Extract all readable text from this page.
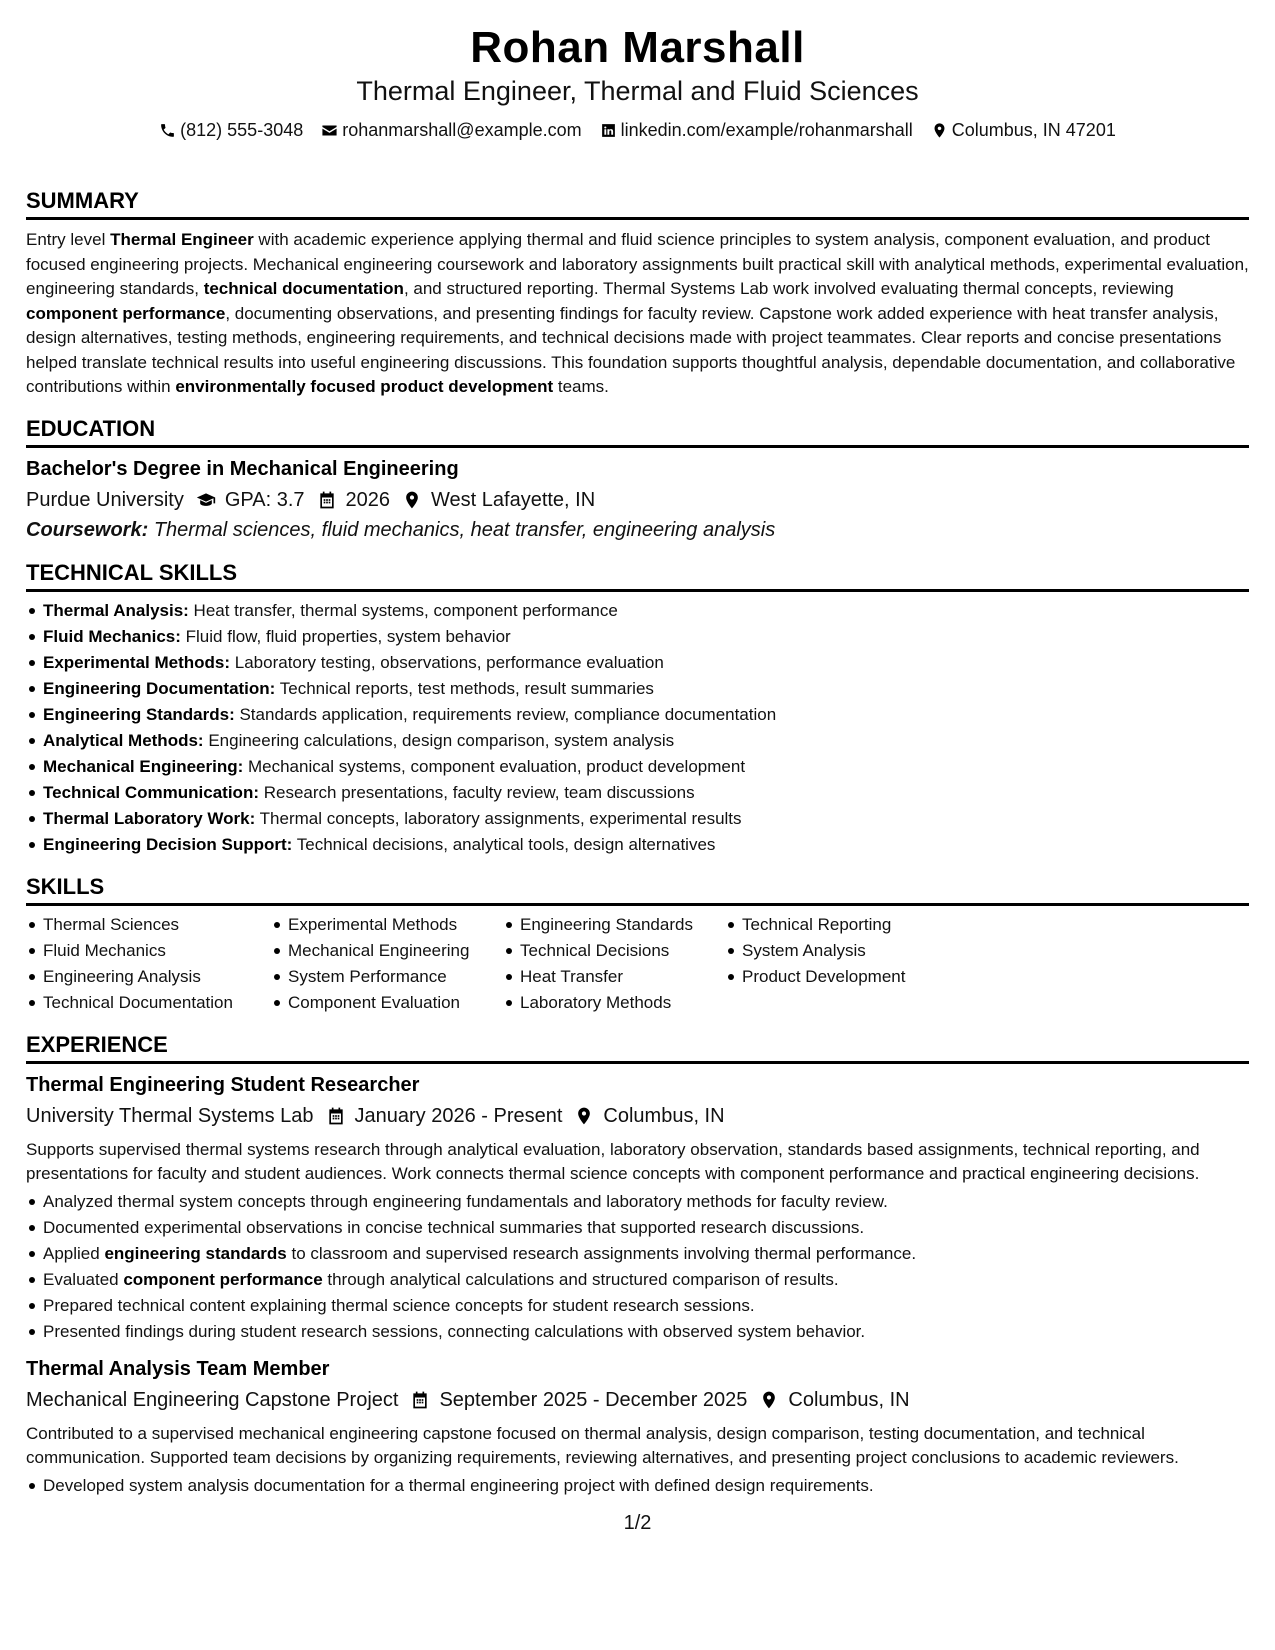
Rohan Marshall
Thermal Engineer, Thermal and Fluid Sciences
(812) 555-3048 rohanmarshall@example.com linkedin.com/example/rohanmarshall Columbus, IN 47201
SUMMARY
Entry level Thermal Engineer with academic experience applying thermal and fluid science principles to system analysis, component evaluation, and product focused engineering projects. Mechanical engineering coursework and laboratory assignments built practical skill with analytical methods, experimental evaluation, engineering standards, technical documentation, and structured reporting. Thermal Systems Lab work involved evaluating thermal concepts, reviewing component performance, documenting observations, and presenting findings for faculty review. Capstone work added experience with heat transfer analysis, design alternatives, testing methods, engineering requirements, and technical decisions made with project teammates. Clear reports and concise presentations helped translate technical results into useful engineering discussions. This foundation supports thoughtful analysis, dependable documentation, and collaborative contributions within environmentally focused product development teams.
EDUCATION
Bachelor's Degree in Mechanical Engineering
Purdue University GPA: 3.7 2026 West Lafayette, IN
Coursework: Thermal sciences, fluid mechanics, heat transfer, engineering analysis
TECHNICAL SKILLS
Thermal Analysis: Heat transfer, thermal systems, component performance
Fluid Mechanics: Fluid flow, fluid properties, system behavior
Experimental Methods: Laboratory testing, observations, performance evaluation
Engineering Documentation: Technical reports, test methods, result summaries
Engineering Standards: Standards application, requirements review, compliance documentation
Analytical Methods: Engineering calculations, design comparison, system analysis
Mechanical Engineering: Mechanical systems, component evaluation, product development
Technical Communication: Research presentations, faculty review, team discussions
Thermal Laboratory Work: Thermal concepts, laboratory assignments, experimental results
Engineering Decision Support: Technical decisions, analytical tools, design alternatives
SKILLS
Thermal Sciences
Fluid Mechanics
Engineering Analysis
Technical Documentation
Experimental Methods
Mechanical Engineering
System Performance
Component Evaluation
Engineering Standards
Technical Decisions
Heat Transfer
Laboratory Methods
Technical Reporting
System Analysis
Product Development
EXPERIENCE
Thermal Engineering Student Researcher
University Thermal Systems Lab January 2026 - Present Columbus, IN
Supports supervised thermal systems research through analytical evaluation, laboratory observation, standards based assignments, technical reporting, and presentations for faculty and student audiences. Work connects thermal science concepts with component performance and practical engineering decisions.
Analyzed thermal system concepts through engineering fundamentals and laboratory methods for faculty review.
Documented experimental observations in concise technical summaries that supported research discussions.
Applied engineering standards to classroom and supervised research assignments involving thermal performance.
Evaluated component performance through analytical calculations and structured comparison of results.
Prepared technical content explaining thermal science concepts for student research sessions.
Presented findings during student research sessions, connecting calculations with observed system behavior.
Thermal Analysis Team Member
Mechanical Engineering Capstone Project September 2025 - December 2025 Columbus, IN
Contributed to a supervised mechanical engineering capstone focused on thermal analysis, design comparison, testing documentation, and technical communication. Supported team decisions by organizing requirements, reviewing alternatives, and presenting project conclusions to academic reviewers.
Developed system analysis documentation for a thermal engineering project with defined design requirements.
1/2
